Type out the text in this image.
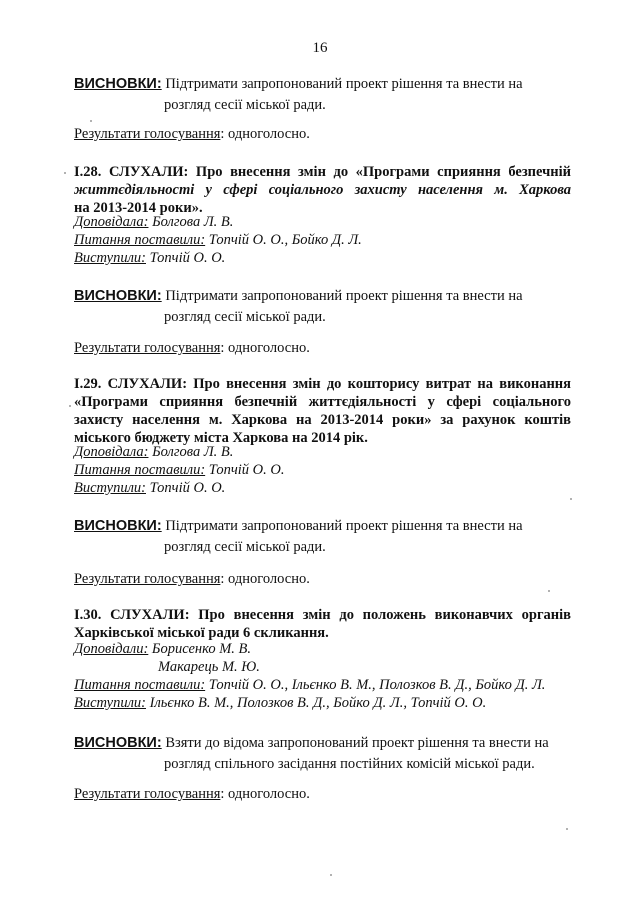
16
ВИСНОВКИ: Підтримати запропонований проект рішення та внести на
розгляд сесії міської ради.
Результати голосування: одноголосно.
І.28. СЛУХАЛИ: Про внесення змін до «Програми сприяння безпечній
життєдіяльності у сфері соціального захисту населення м. Харкова
на 2013-2014 роки».
Доповідала: Болгова Л. В.
Питання поставили: Топчій О. О., Бойко Д. Л.
Виступили: Топчій О. О.
ВИСНОВКИ: Підтримати запропонований проект рішення та внести на
розгляд сесії міської ради.
Результати голосування: одноголосно.
І.29. СЛУХАЛИ: Про внесення змін до кошторису витрат на виконання
«Програми сприяння безпечній життєдіяльності у сфері соціального
захисту населення м. Харкова на 2013-2014 роки» за рахунок коштів
міського бюджету міста Харкова на 2014 рік.
Доповідала: Болгова Л. В.
Питання поставили: Топчій О. О.
Виступили: Топчій О. О.
ВИСНОВКИ: Підтримати запропонований проект рішення та внести на
розгляд сесії міської ради.
Результати голосування: одноголосно.
І.30. СЛУХАЛИ: Про внесення змін до положень виконавчих органів
Харківської міської ради 6 скликання.
Доповідали: Борисенко М. В.
Макарець М. Ю.
Питання поставили: Топчій О. О., Ільєнко В. М., Полозков В. Д., Бойко Д. Л.
Виступили: Ільєнко В. М., Полозков В. Д., Бойко Д. Л., Топчій О. О.
ВИСНОВКИ: Взяти до відома запропонований проект рішення та внести на
розгляд спільного засідання постійних комісій міської ради.
Результати голосування: одноголосно.
